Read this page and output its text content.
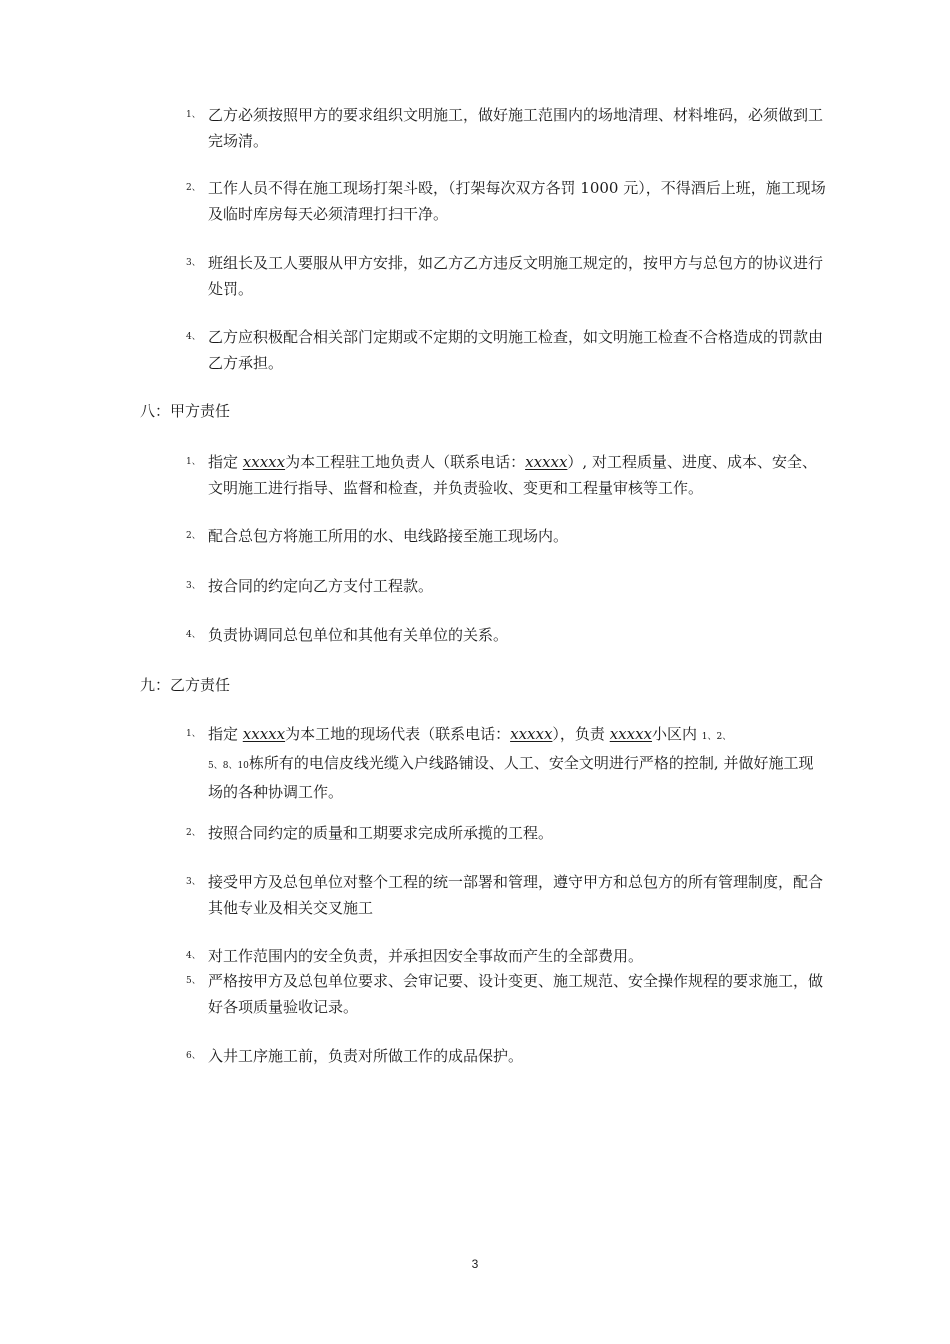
1、 乙方必须按照甲方的要求组织文明施工，做好施工范围内的场地清理、材料堆码，必须做到工完场清。
2、 工作人员不得在施工现场打架斗殴，（打架每次双方各罚 1000 元），不得酒后上班，施工现场及临时库房每天必须清理打扫干净。
3、 班组长及工人要服从甲方安排，如乙方乙方违反文明施工规定的，按甲方与总包方的协议进行处罚。
4、 乙方应积极配合相关部门定期或不定期的文明施工检查，如文明施工检查不合格造成的罚款由乙方承担。
八：甲方责任
1、 指定 xxxxx为本工程驻工地负责人（联系电话：xxxxx）, 对工程质量、进度、成本、安全、文明施工进行指导、监督和检查，并负责验收、变更和工程量审核等工作。
2、 配合总包方将施工所用的水、电线路接至施工现场内。
3、 按合同的约定向乙方支付工程款。
4、 负责协调同总包单位和其他有关单位的关系。
九：乙方责任
1、 指定 xxxxx为本工地的现场代表（联系电话：xxxxx），负责 xxxxx小区内 1、2、
5、8、10栋所有的电信皮线光缆入户线路铺设、人工、安全文明进行严格的控制, 并做好施工现场的各种协调工作。
2、 按照合同约定的质量和工期要求完成所承揽的工程。
3、 接受甲方及总包单位对整个工程的统一部署和管理，遵守甲方和总包方的所有管理制度，配合其他专业及相关交叉施工
4、 对工作范围内的安全负责，并承担因安全事故而产生的全部费用。
5、 严格按甲方及总包单位要求、会审记要、设计变更、施工规范、安全操作规程的要求施工，做好各项质量验收记录。
6、 入井工序施工前，负责对所做工作的成品保护。
3
